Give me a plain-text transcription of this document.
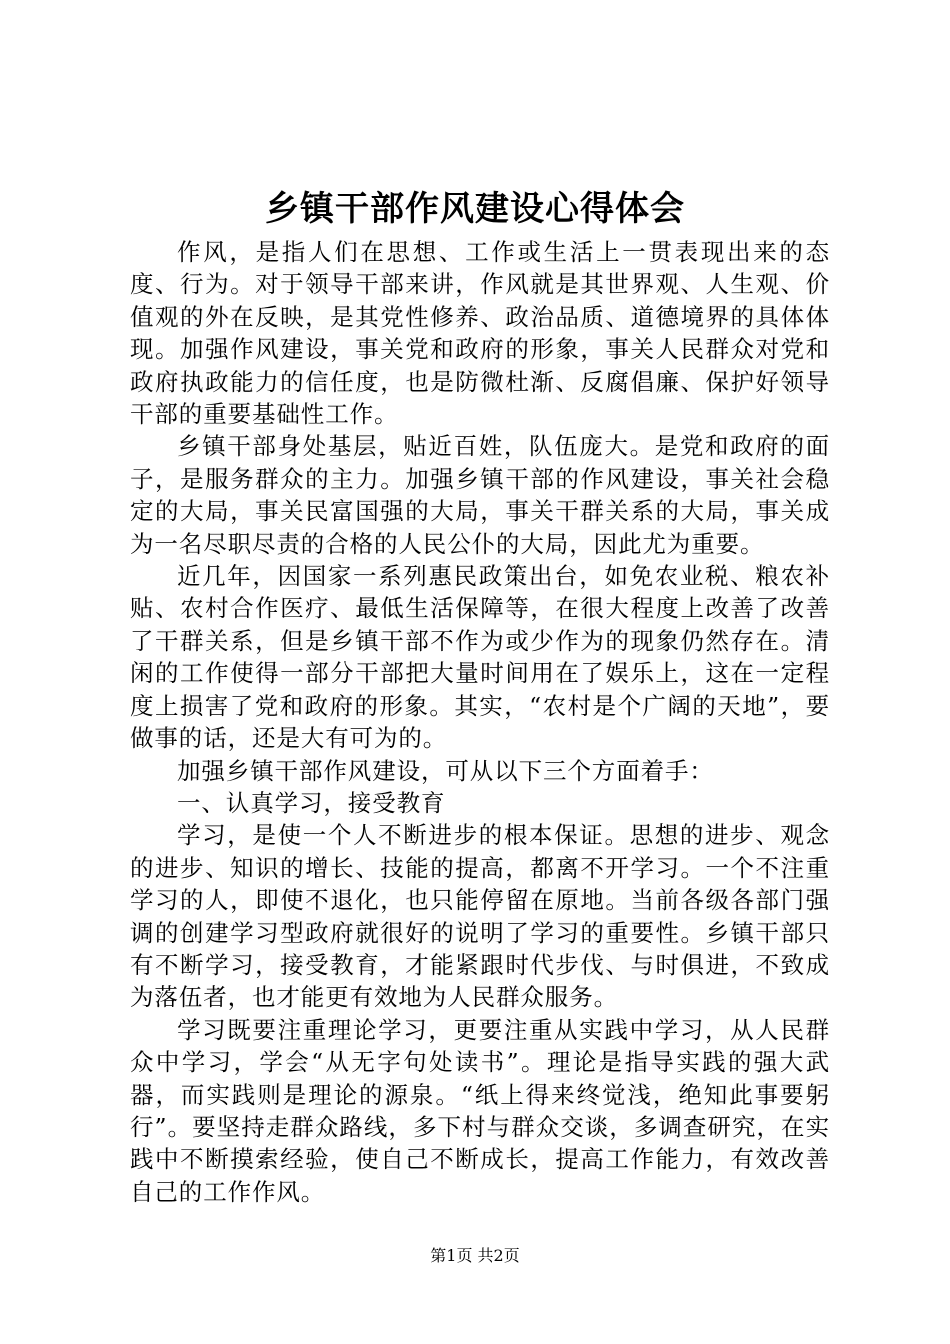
乡镇干部作风建设心得体会

作风，是指人们在思想、工作或生活上一贯表现出来的态度、行为。对于领导干部来讲，作风就是其世界观、人生观、价值观的外在反映，是其党性修养、政治品质、道德境界的具体体现。加强作风建设，事关党和政府的形象，事关人民群众对党和政府执政能力的信任度，也是防微杜渐、反腐倡廉、保护好领导干部的重要基础性工作。

乡镇干部身处基层，贴近百姓，队伍庞大。是党和政府的面子，是服务群众的主力。加强乡镇干部的作风建设，事关社会稳定的大局，事关民富国强的大局，事关干群关系的大局，事关成为一名尽职尽责的合格的人民公仆的大局，因此尤为重要。

近几年，因国家一系列惠民政策出台，如免农业税、粮农补贴、农村合作医疗、最低生活保障等，在很大程度上改善了改善了干群关系，但是乡镇干部不作为或少作为的现象仍然存在。清闲的工作使得一部分干部把大量时间用在了娱乐上，这在一定程度上损害了党和政府的形象。其实，“农村是个广阔的天地”，要做事的话，还是大有可为的。

加强乡镇干部作风建设，可从以下三个方面着手：

一、认真学习，接受教育

学习，是使一个人不断进步的根本保证。思想的进步、观念的进步、知识的增长、技能的提高，都离不开学习。一个不注重学习的人，即使不退化，也只能停留在原地。当前各级各部门强调的创建学习型政府就很好的说明了学习的重要性。乡镇干部只有不断学习，接受教育，才能紧跟时代步伐、与时俱进，不致成为落伍者，也才能更有效地为人民群众服务。

学习既要注重理论学习，更要注重从实践中学习，从人民群众中学习，学会“从无字句处读书”。理论是指导实践的强大武器，而实践则是理论的源泉。“纸上得来终觉浅，绝知此事要躬行”。要坚持走群众路线，多下村与群众交谈，多调查研究，在实践中不断摸索经验，使自己不断成长，提高工作能力，有效改善自己的工作作风。

第1页 共2页
